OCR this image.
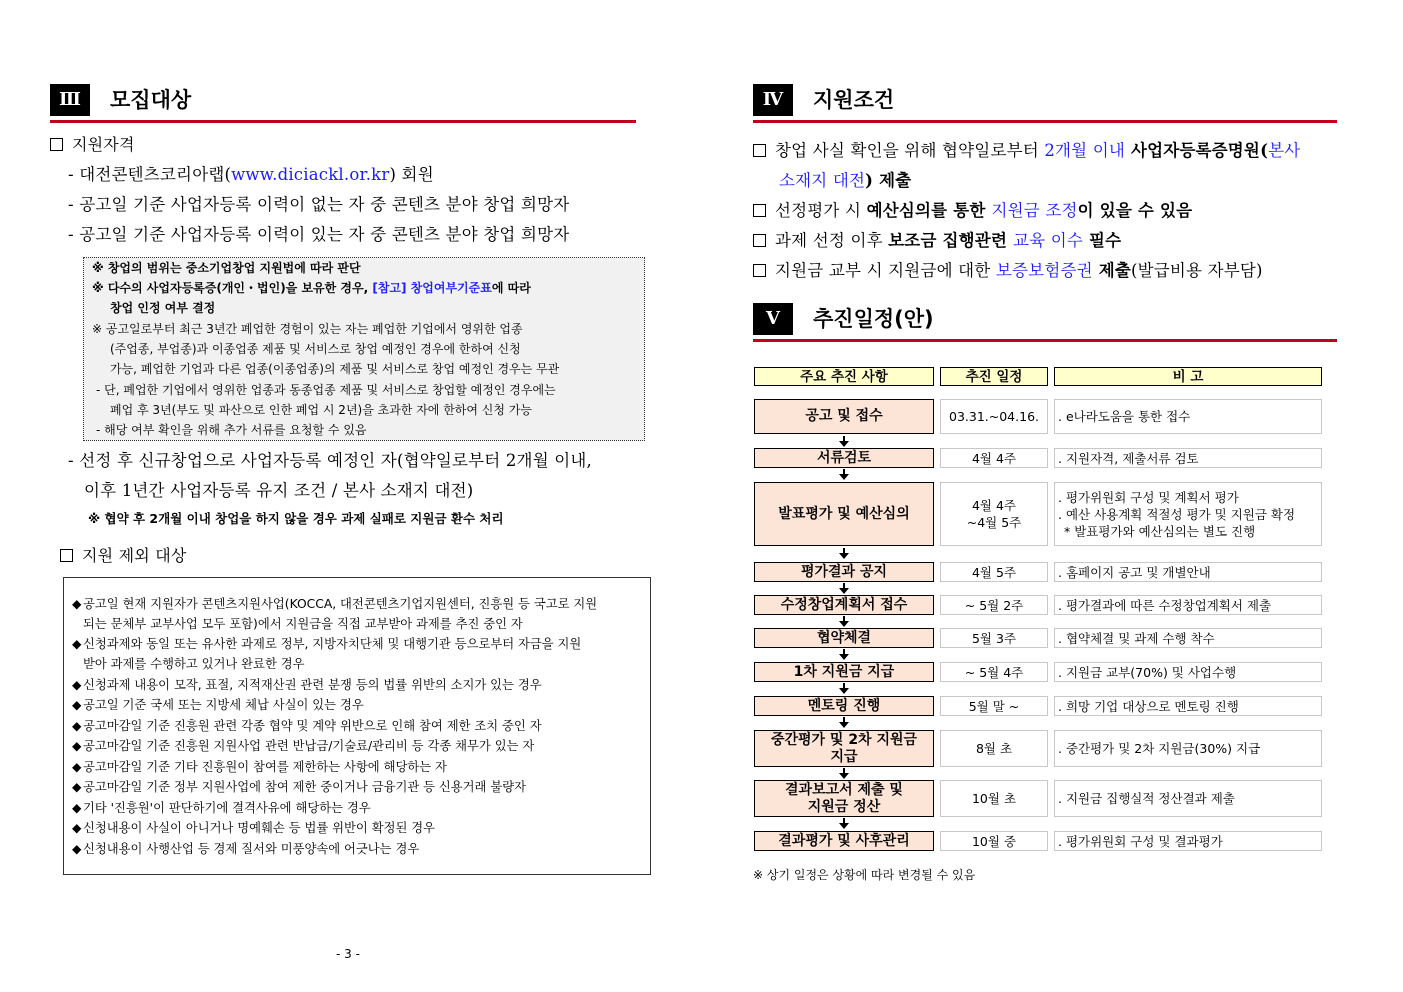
Ⅲ	모집대상
지원자격
- 대전콘텐츠코리아랩(www.diciackl.or.kr) 회원
- 공고일 기준 사업자등록 이력이 없는 자 중 콘텐츠 분야 창업 희망자
- 공고일 기준 사업자등록 이력이 있는 자 중 콘텐츠 분야 창업 희망자
※ 창업의 범위는 중소기업창업 지원법에 따라 판단
※ 다수의 사업자등록증(개인・법인)을 보유한 경우, [참고] 창업여부기준표에 따라
창업 인정 여부 결정
※ 공고일로부터 최근 3년간 폐업한 경험이 있는 자는 폐업한 기업에서 영위한 업종
(주업종, 부업종)과 이종업종 제품 및 서비스로 창업 예정인 경우에 한하여 신청
가능, 폐업한 기업과 다른 업종(이종업종)의 제품 및 서비스로 창업 예정인 경우는 무관
- 단, 폐업한 기업에서 영위한 업종과 동종업종 제품 및 서비스로 창업할 예정인 경우에는
폐업 후 3년(부도 및 파산으로 인한 폐업 시 2년)을 초과한 자에 한하여 신청 가능
- 해당 여부 확인을 위해 추가 서류를 요청할 수 있음
- 선정 후 신규창업으로 사업자등록 예정인 자(협약일로부터 2개월 이내,
이후 1년간 사업자등록 유지 조건 / 본사 소재지 대전)
※ 협약 후 2개월 이내 창업을 하지 않을 경우 과제 실패로 지원금 환수 처리
지원 제외 대상
◆ 공고일 현재 지원자가 콘텐츠지원사업(KOCCA, 대전콘텐츠기업지원센터, 진흥원 등 국고로 지원
되는 문체부 교부사업 모두 포함)에서 지원금을 직접 교부받아 과제를 추진 중인 자
◆ 신청과제와 동일 또는 유사한 과제로 정부, 지방자치단체 및 대행기관 등으로부터 자금을 지원
받아 과제를 수행하고 있거나 완료한 경우
◆ 신청과제 내용이 모작, 표절, 지적재산권 관련 분쟁 등의 법률 위반의 소지가 있는 경우
◆ 공고일 기준 국세 또는 지방세 체납 사실이 있는 경우
◆ 공고마감일 기준 진흥원 관련 각종 협약 및 계약 위반으로 인해 참여 제한 조치 중인 자
◆ 공고마감일 기준 진흥원 지원사업 관련 반납금/기술료/관리비 등 각종 채무가 있는 자
◆ 공고마감일 기준 기타 진흥원이 참여를 제한하는 사항에 해당하는 자
◆ 공고마감일 기준 정부 지원사업에 참여 제한 중이거나 금융기관 등 신용거래 불량자
◆ 기타 '진흥원'이 판단하기에 결격사유에 해당하는 경우
◆ 신청내용이 사실이 아니거나 명예훼손 등 법률 위반이 확정된 경우
◆ 신청내용이 사행산업 등 경제 질서와 미풍양속에 어긋나는 경우
Ⅳ	지원조건
창업 사실 확인을 위해 협약일로부터 2개월 이내 사업자등록증명원(본사
소재지 대전) 제출
선정평가 시 예산심의를 통한 지원금 조정이 있을 수 있음
과제 선정 이후 보조금 집행관련 교육 이수 필수
지원금 교부 시 지원금에 대한 보증보험증권 제출(발급비용 자부담)
Ⅴ	추진일정(안)
주요 추진 사항	추진 일정	비 고
공고 및 접수	03.31.~04.16.	. e나라도움을 통한 접수
서류검토	4월 4주	. 지원자격, 제출서류 검토
발표평가 및 예산심의	4월 4주
~4월 5주
. 평가위원회 구성 및 계획서 평가
. 예산 사용계획 적절성 평가 및 지원금 확정
* 발표평가와 예산심의는 별도 진행
평가결과 공지	4월 5주	. 홈페이지 공고 및 개별안내
수정창업계획서 접수	~ 5월 2주	. 평가결과에 따른 수정창업계획서 제출
협약체결	5월 3주	. 협약체결 및 과제 수행 착수
1차 지원금 지급	~ 5월 4주	. 지원금 교부(70%) 및 사업수행
멘토링 진행	5월 말 ~	. 희망 기업 대상으로 멘토링 진행
중간평가 및 2차 지원금
지급	8월 초	. 중간평가 및 2차 지원금(30%) 지급
결과보고서 제출 및
지원금 정산	10월 초	. 지원금 집행실적 정산결과 제출
결과평가 및 사후관리	10월 중	. 평가위원회 구성 및 결과평가
※ 상기 일정은 상황에 따라 변경될 수 있음
- 3 -
